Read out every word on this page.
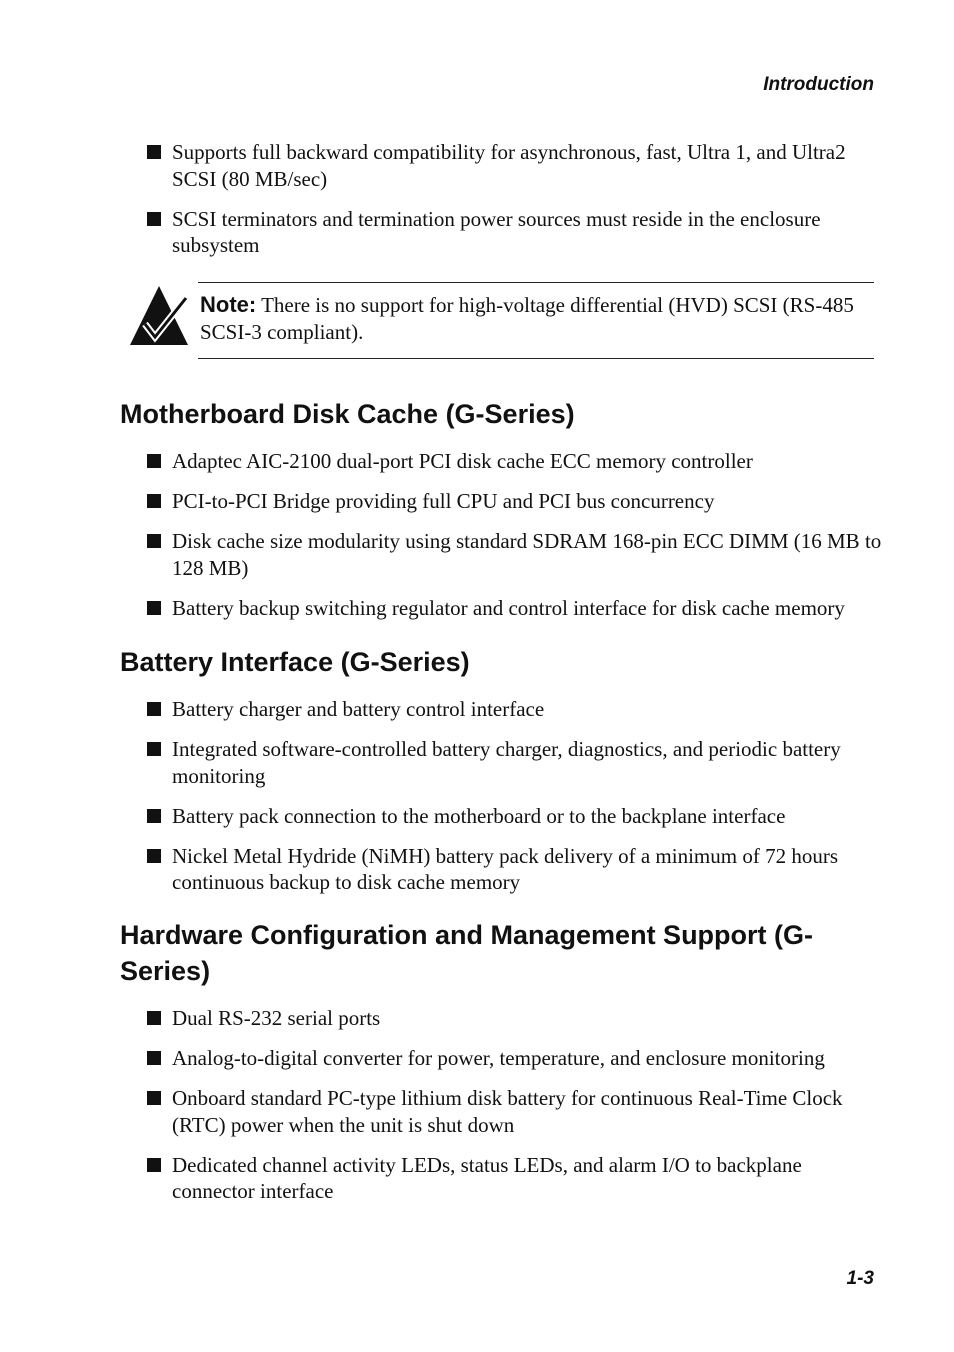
Introduction
Supports full backward compatibility for asynchronous, fast, Ultra 1, and Ultra2 SCSI (80 MB/sec)
SCSI terminators and termination power sources must reside in the enclosure subsystem
Note: There is no support for high-voltage differential (HVD) SCSI (RS-485 SCSI-3 compliant).
Motherboard Disk Cache (G-Series)
Adaptec AIC-2100 dual-port PCI disk cache ECC memory controller
PCI-to-PCI Bridge providing full CPU and PCI bus concurrency
Disk cache size modularity using standard SDRAM 168-pin ECC DIMM (16 MB to 128 MB)
Battery backup switching regulator and control interface for disk cache memory
Battery Interface (G-Series)
Battery charger and battery control interface
Integrated software-controlled battery charger, diagnostics, and periodic battery monitoring
Battery pack connection to the motherboard or to the backplane interface
Nickel Metal Hydride (NiMH) battery pack delivery of a minimum of 72 hours continuous backup to disk cache memory
Hardware Configuration and Management Support (G-Series)
Dual RS-232 serial ports
Analog-to-digital converter for power, temperature, and enclosure monitoring
Onboard standard PC-type lithium disk battery for continuous Real-Time Clock (RTC) power when the unit is shut down
Dedicated channel activity LEDs, status LEDs, and alarm I/O to backplane connector interface
1-3
